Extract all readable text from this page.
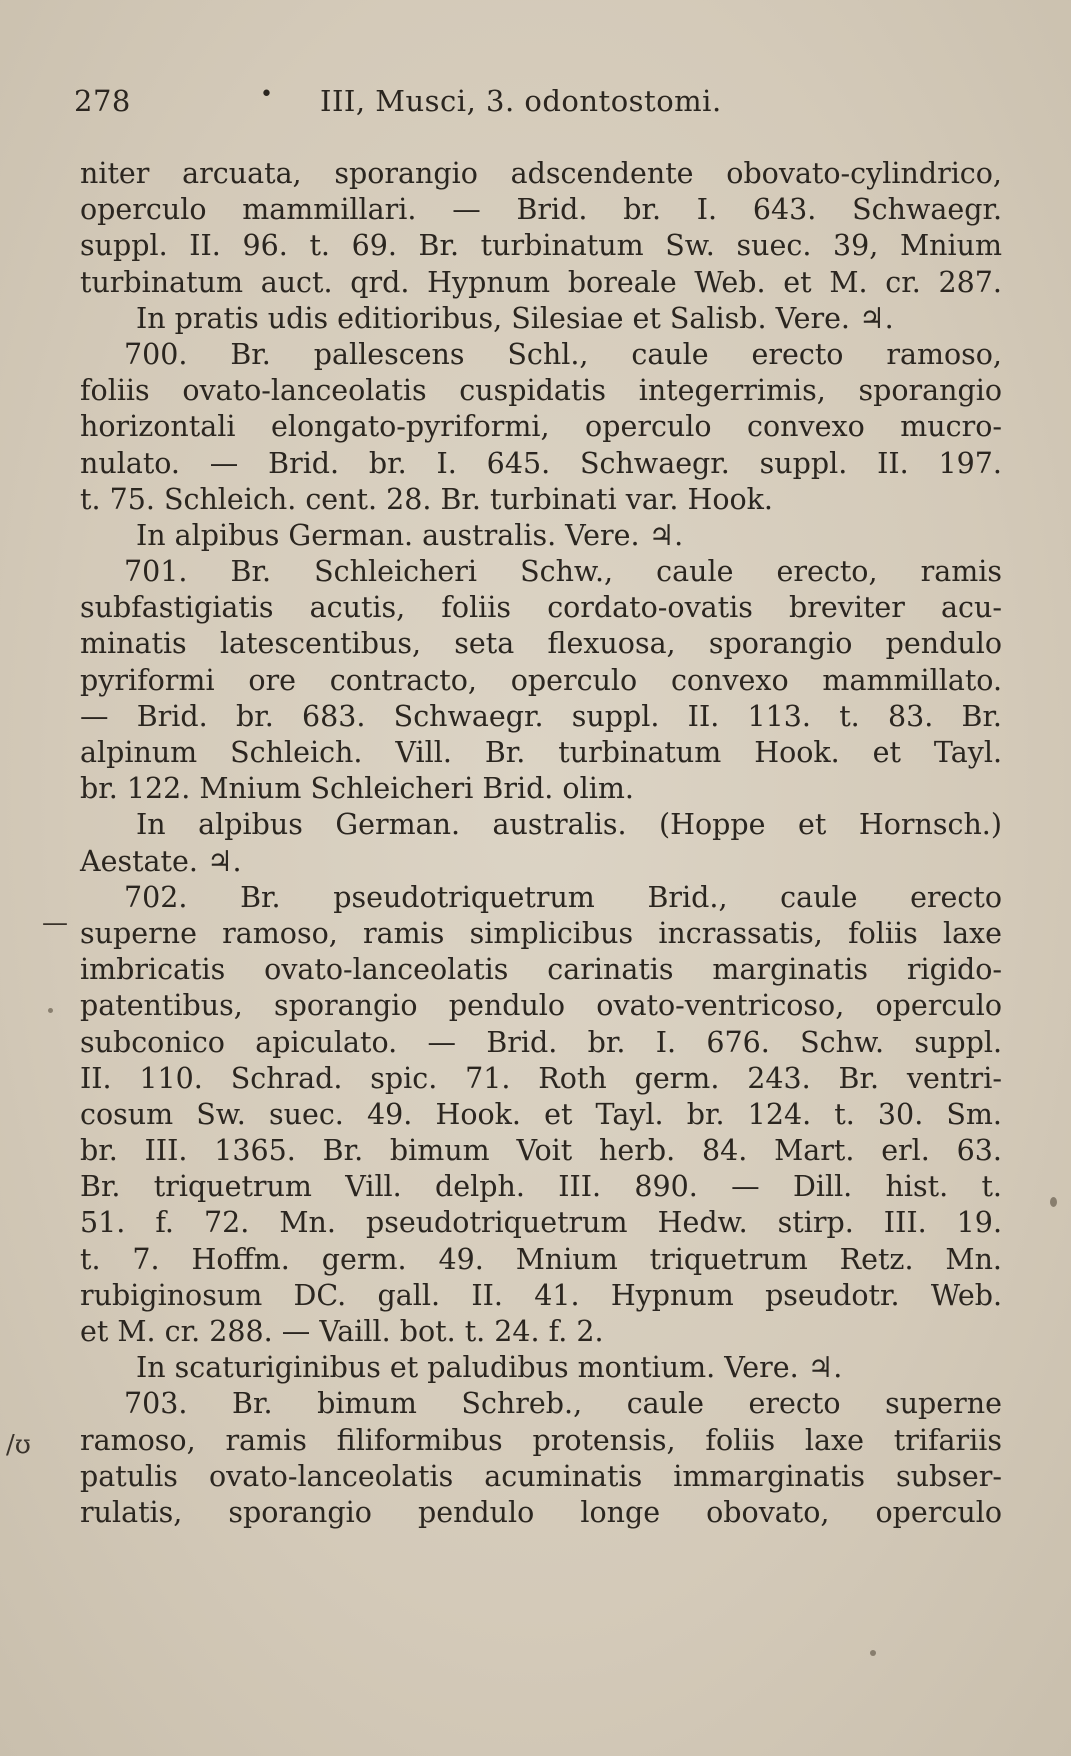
278	• III, Musci, 3. odontostomi.
niter arcuata, sporangio adscendente obovato-cylindrico,
operculo mammillari. — Brid. br. I. 643. Schwaegr.
suppl. II. 96. t. 69. Br. turbinatum Sw. suec. 39, Mnium
turbinatum auct. qrd. Hypnum boreale Web. et M. cr. 287.
In pratis udis editioribus, Silesiae et Salisb. Vere. ♃.
700. Br. pallescens Schl., caule erecto ramoso,
foliis ovato-lanceolatis cuspidatis integerrimis, sporangio
horizontali elongato-pyriformi, operculo convexo mucro-
nulato. — Brid. br. I. 645. Schwaegr. suppl. II. 197.
t. 75. Schleich. cent. 28. Br. turbinati var. Hook.
In alpibus German. australis. Vere. ♃.
701. Br. Schleicheri Schw., caule erecto, ramis
subfastigiatis acutis, foliis cordato-ovatis breviter acu-
minatis latescentibus, seta flexuosa, sporangio pendulo
pyriformi ore contracto, operculo convexo mammillato.
— Brid. br. 683. Schwaegr. suppl. II. 113. t. 83. Br.
alpinum Schleich. Vill. Br. turbinatum Hook. et Tayl.
br. 122. Mnium Schleicheri Brid. olim.
In alpibus German. australis. (Hoppe et Hornsch.)
Aestate. ♃.
702. Br. pseudotriquetrum Brid., caule erecto
superne ramoso, ramis simplicibus incrassatis, foliis laxe
imbricatis ovato-lanceolatis carinatis marginatis rigido-
patentibus, sporangio pendulo ovato-ventricoso, operculo
subconico apiculato. — Brid. br. I. 676. Schw. suppl.
II. 110. Schrad. spic. 71. Roth germ. 243. Br. ventri-
cosum Sw. suec. 49. Hook. et Tayl. br. 124. t. 30. Sm.
br. III. 1365. Br. bimum Voit herb. 84. Mart. erl. 63.
Br. triquetrum Vill. delph. III. 890. — Dill. hist. t.
51. f. 72. Mn. pseudotriquetrum Hedw. stirp. III. 19.
t. 7. Hoffm. germ. 49. Mnium triquetrum Retz. Mn.
rubiginosum DC. gall. II. 41. Hypnum pseudotr. Web.
et M. cr. 288. — Vaill. bot. t. 24. f. 2.
In scaturiginibus et paludibus montium. Vere. ♃.
703. Br. bimum Schreb., caule erecto superne
ramoso, ramis filiformibus protensis, foliis laxe trifariis
patulis ovato-lanceolatis acuminatis immarginatis subser-
rulatis, sporangio pendulo longe obovato, operculo
/ʊ
—
